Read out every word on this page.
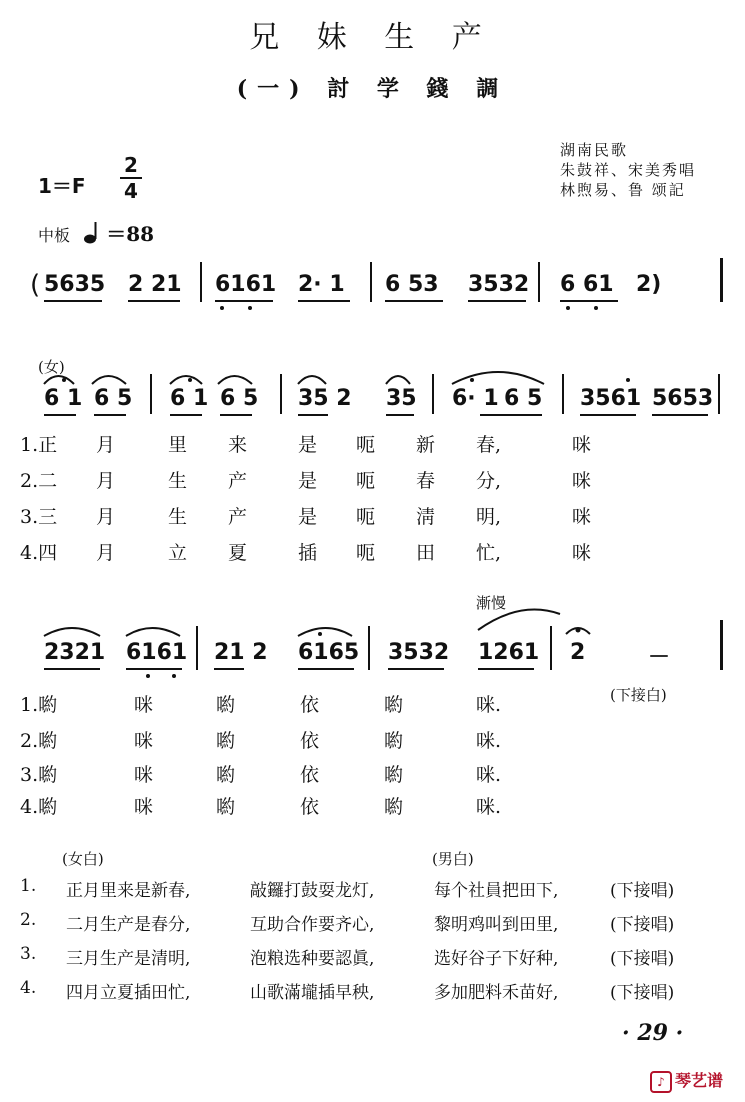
兄 妹 生 产
(一) 討 学 錢 調
湖南民歌
朱鼓祥、宋美秀唱
林煦易、鲁 颂記
1＝F
2
4
中板 ＝88
( 5635 2 21 6161 2· 1 6 53 3532 6 61 2)
(女)
6 1 6 5 6 1 6 5 35 2 35 6· 1 6 5 3561 5653
1.正 月	里 来	是 呃 新 春,	咪
2.二 月	生 产	是 呃 春 分,	咪
3.三 月	生 产	是 呃 淸 明,	咪
4.四 月	立 夏	插 呃 田 忙,	咪
漸慢
2321 6161 21 2 6165 3532 1261 2	－
(下接白)
1.喲	咪	喲	依	喲	咪.
2.喲	咪	喲	依	喲	咪.
3.喲	咪	喲	依	喲	咪.
4.喲	咪	喲	依	喲	咪.
(女白)	(男白)
1. 正月里来是新春,	敲鑼打鼓耍龙灯,	每个社員把田下,	(下接唱)
2. 二月生产是春分,	互助合作要齐心,	黎明鸡叫到田里,	(下接唱)
3. 三月生产是清明,	泡粮选种要認眞,	选好谷子下好种,	(下接唱)
4. 四月立夏插田忙,	山歌滿壠插早秧,	多加肥料禾苗好,	(下接唱)
· 29 ·
♪ 琴艺谱
